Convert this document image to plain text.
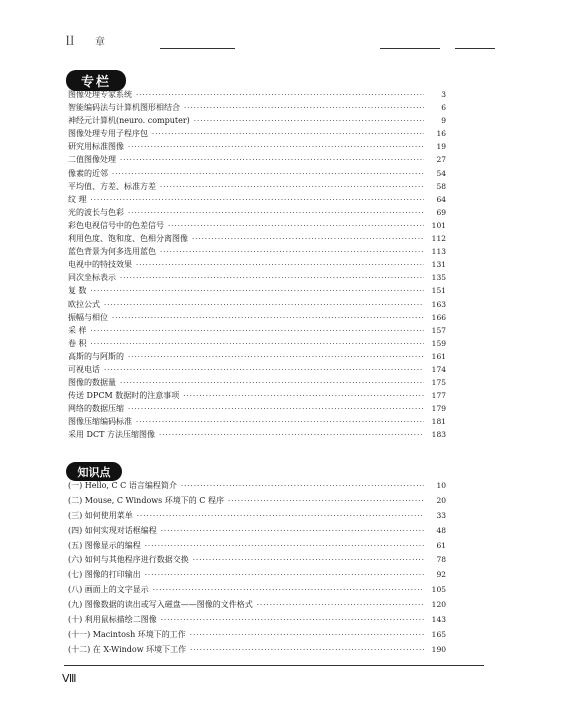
∐ 章
专栏
图像处理专家系统 ·····	3
智能编码法与计算机图形相结合 ·····	6
神经元计算机(neuro. computer) ·····	9
图像处理专用子程序包 ·····	16
研究用标准图像 ·····	19
二值图像处理 ·····	27
像素的近邻 ·····	54
平均值、方差、标准方差 ·····	58
纹 理 ·····	64
光的波长与色彩 ·····	69
彩色电视信号中的色差信号 ·····	101
利用色度、饱和度、色相分离图像 ·····	112
蓝色背景为何多选用蓝色 ·····	113
电视中的特技效果 ·····	131
同次坐标表示 ·····	135
复 数 ·····	151
欧拉公式 ·····	163
振幅与相位 ·····	166
采 样 ·····	157
卷 积 ·····	159
高斯的与阿斯的 ·····	161
可视电话 ·····	174
图像的数据量 ·····	175
传送 DPCM 数据时的注意事项 ·····	177
网络的数据压缩 ·····	179
图像压缩编码标准 ·····	181
采用 DCT 方法压缩图像 ·····	183
知识点
(一) Hello, C C 语言编程简介 ·····	10
(二) Mouse, C Windows 环境下的 C 程序 ·····	20
(三) 如何使用菜单 ·····	33
(四) 如何实现对话框编程 ·····	48
(五) 图像显示的编程 ·····	61
(六) 如何与其他程序进行数据交换 ·····	78
(七) 图像的打印输出 ·····	92
(八) 画面上的文字显示 ·····	105
(九) 图像数据的读出或写入磁盘——图像的文件格式 ·····	120
(十) 利用鼠标描绘二图像 ·····	143
(十一) Macintosh 环境下的工作 ·····	165
(十二) 在 X-Window 环境下工作 ·····	190
Ⅷ
